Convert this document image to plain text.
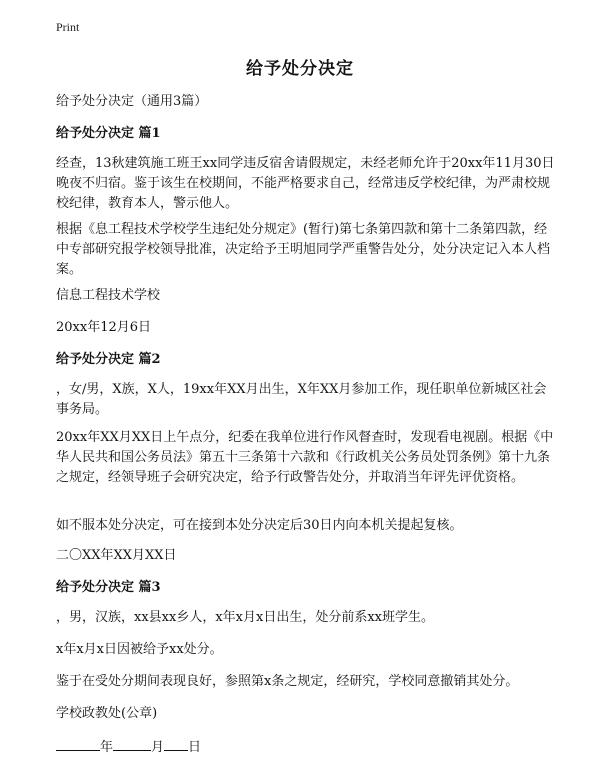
Print
给予处分决定
给予处分决定（通用3篇）
给予处分决定 篇1
经查，13秋建筑施工班王xx同学违反宿舍请假规定，未经老师允许于20xx年11月30日晚夜不归宿。鉴于该生在校期间，不能严格要求自己，经常违反学校纪律，为严肃校规校纪律，教育本人，警示他人。
根据《息工程技术学校学生违纪处分规定》(暂行)第七条第四款和第十二条第四款，经中专部研究报学校领导批准，决定给予王明旭同学严重警告处分，处分决定记入本人档案。
信息工程技术学校
20xx年12月6日
给予处分决定 篇2
，女/男，X族，X人，19xx年XX月出生，X年XX月参加工作，现任职单位新城区社会事务局。
20xx年XX月XX日上午点分，纪委在我单位进行作风督查时，发现看电视剧。根据《中华人民共和国公务员法》第五十三条第十六款和《行政机关公务员处罚条例》第十九条之规定，经领导班子会研究决定，给予行政警告处分，并取消当年评先评优资格。
如不服本处分决定，可在接到本处分决定后30日内向本机关提起复核。
二〇XX年XX月XX日
给予处分决定 篇3
，男，汉族，xx县xx乡人，x年x月x日出生，处分前系xx班学生。
x年x月x日因被给予xx处分。
鉴于在受处分期间表现良好，参照第x条之规定，经研究，学校同意撤销其处分。
学校政教处(公章)
年	月 日
